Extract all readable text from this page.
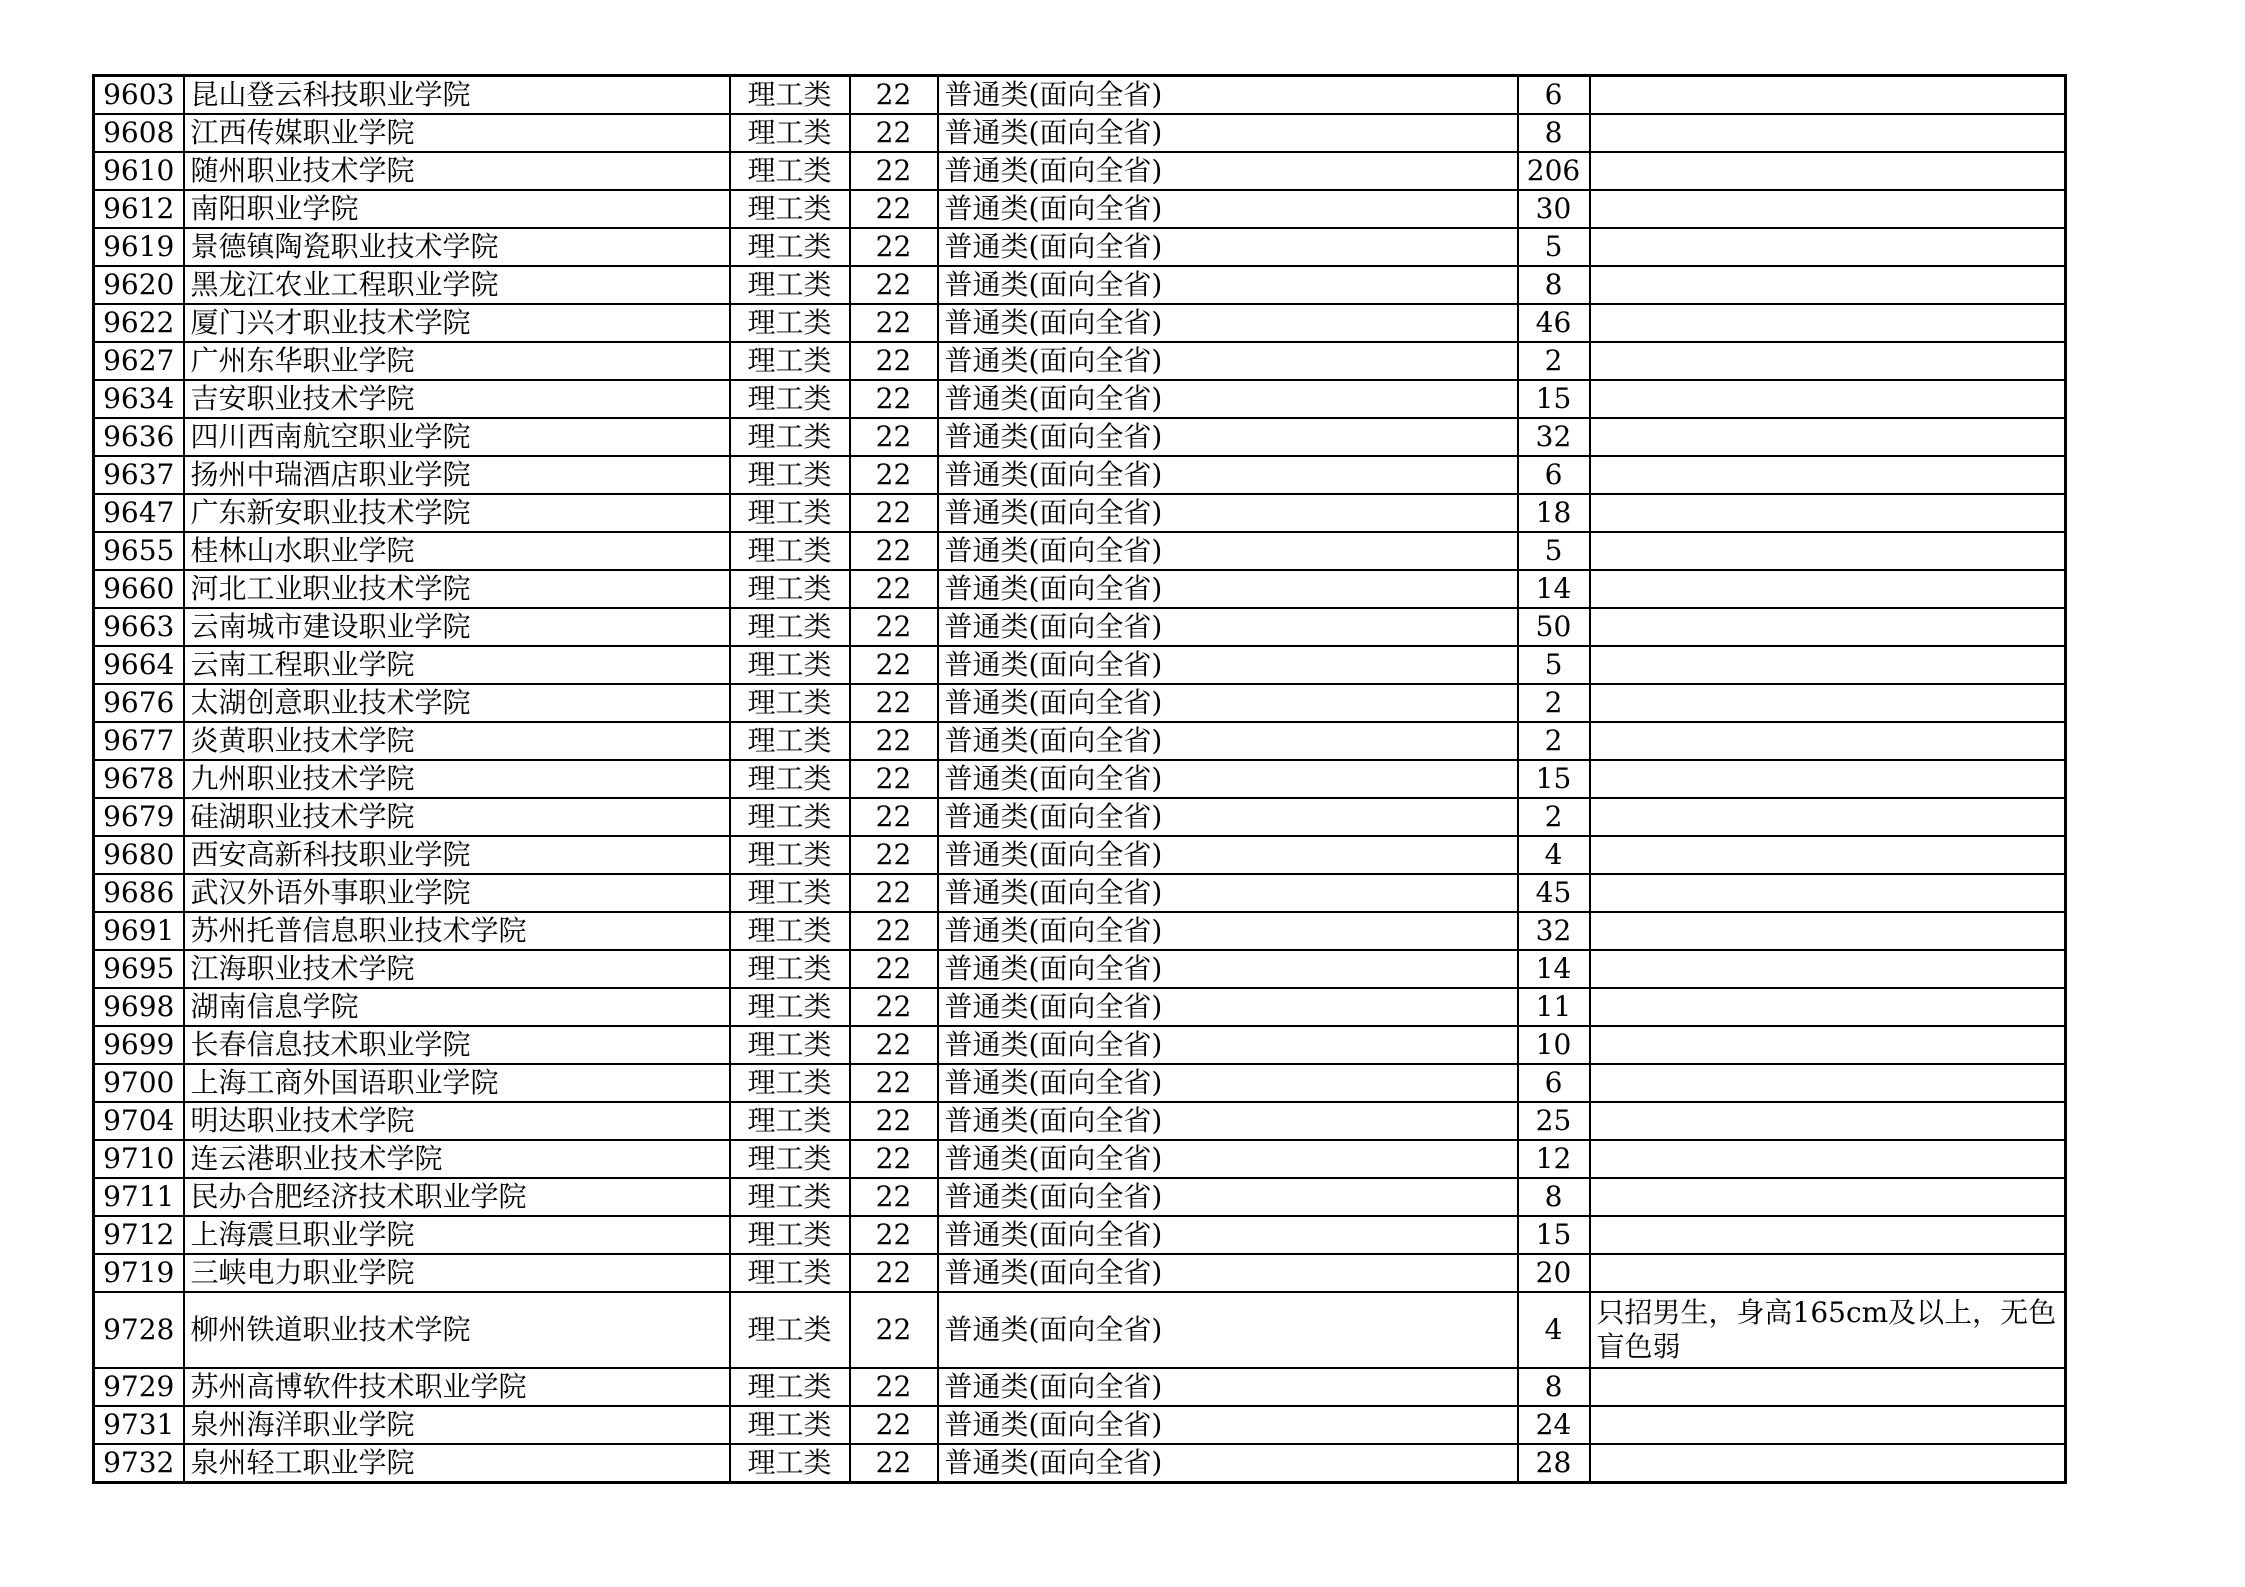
9603	昆山登云科技职业学院	理工类	22	普通类(面向全省)	6	
9608	江西传媒职业学院	理工类	22	普通类(面向全省)	8	
9610	随州职业技术学院	理工类	22	普通类(面向全省)	206	
9612	南阳职业学院	理工类	22	普通类(面向全省)	30	
9619	景德镇陶瓷职业技术学院	理工类	22	普通类(面向全省)	5	
9620	黑龙江农业工程职业学院	理工类	22	普通类(面向全省)	8	
9622	厦门兴才职业技术学院	理工类	22	普通类(面向全省)	46	
9627	广州东华职业学院	理工类	22	普通类(面向全省)	2	
9634	吉安职业技术学院	理工类	22	普通类(面向全省)	15	
9636	四川西南航空职业学院	理工类	22	普通类(面向全省)	32	
9637	扬州中瑞酒店职业学院	理工类	22	普通类(面向全省)	6	
9647	广东新安职业技术学院	理工类	22	普通类(面向全省)	18	
9655	桂林山水职业学院	理工类	22	普通类(面向全省)	5	
9660	河北工业职业技术学院	理工类	22	普通类(面向全省)	14	
9663	云南城市建设职业学院	理工类	22	普通类(面向全省)	50	
9664	云南工程职业学院	理工类	22	普通类(面向全省)	5	
9676	太湖创意职业技术学院	理工类	22	普通类(面向全省)	2	
9677	炎黄职业技术学院	理工类	22	普通类(面向全省)	2	
9678	九州职业技术学院	理工类	22	普通类(面向全省)	15	
9679	硅湖职业技术学院	理工类	22	普通类(面向全省)	2	
9680	西安高新科技职业学院	理工类	22	普通类(面向全省)	4	
9686	武汉外语外事职业学院	理工类	22	普通类(面向全省)	45	
9691	苏州托普信息职业技术学院	理工类	22	普通类(面向全省)	32	
9695	江海职业技术学院	理工类	22	普通类(面向全省)	14	
9698	湖南信息学院	理工类	22	普通类(面向全省)	11	
9699	长春信息技术职业学院	理工类	22	普通类(面向全省)	10	
9700	上海工商外国语职业学院	理工类	22	普通类(面向全省)	6	
9704	明达职业技术学院	理工类	22	普通类(面向全省)	25	
9710	连云港职业技术学院	理工类	22	普通类(面向全省)	12	
9711	民办合肥经济技术职业学院	理工类	22	普通类(面向全省)	8	
9712	上海震旦职业学院	理工类	22	普通类(面向全省)	15	
9719	三峡电力职业学院	理工类	22	普通类(面向全省)	20	
9728	柳州铁道职业技术学院	理工类	22	普通类(面向全省)	4	只招男生，身高165cm及以上，无色盲色弱
9729	苏州高博软件技术职业学院	理工类	22	普通类(面向全省)	8	
9731	泉州海洋职业学院	理工类	22	普通类(面向全省)	24	
9732	泉州轻工职业学院	理工类	22	普通类(面向全省)	28	
